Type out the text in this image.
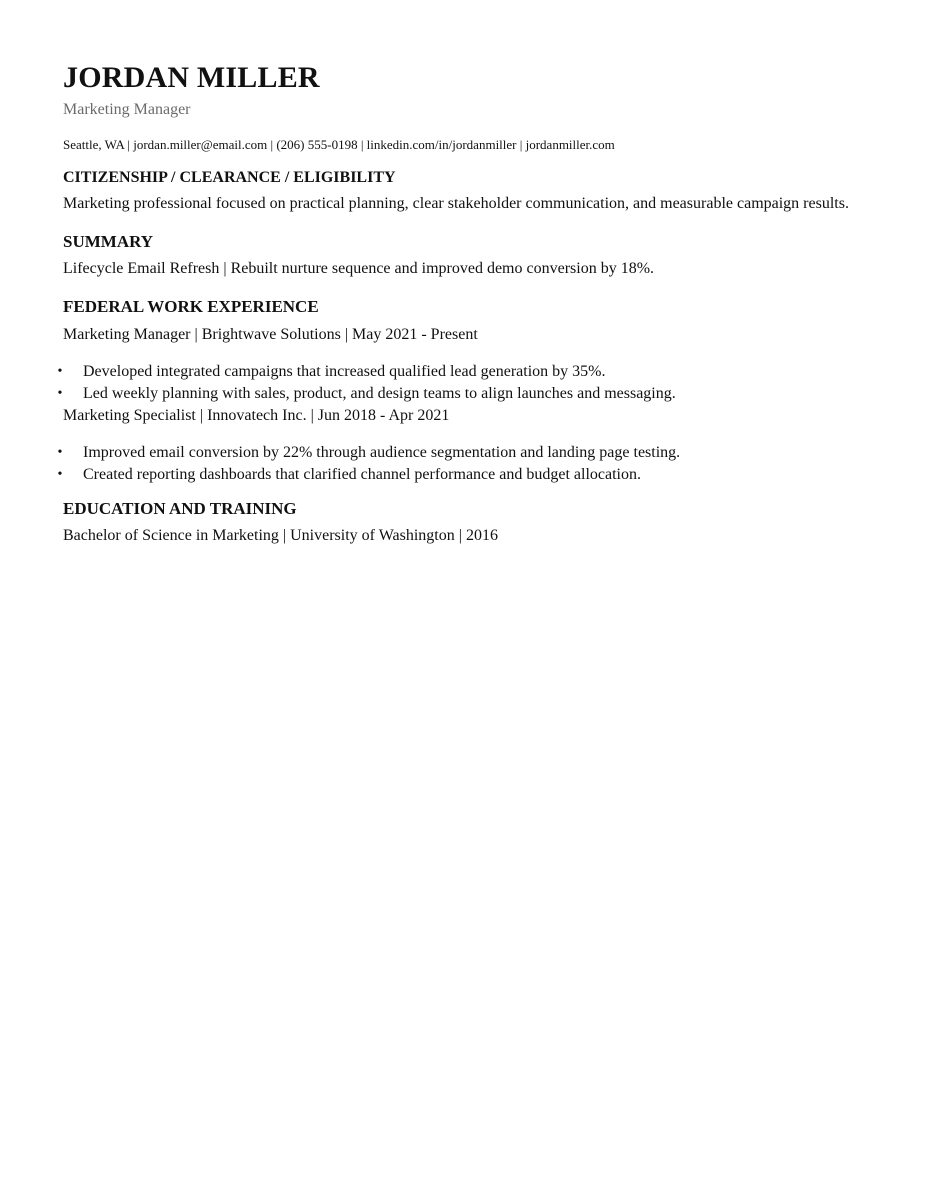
JORDAN MILLER
Marketing Manager
Seattle, WA | jordan.miller@email.com | (206) 555-0198 | linkedin.com/in/jordanmiller | jordanmiller.com
CITIZENSHIP / CLEARANCE / ELIGIBILITY

Marketing professional focused on practical planning, clear stakeholder communication, and measurable campaign results.

SUMMARY

Lifecycle Email Refresh | Rebuilt nurture sequence and improved demo conversion by 18%.

FEDERAL WORK EXPERIENCE

Marketing Manager | Brightwave Solutions | May 2021 - Present

• Developed integrated campaigns that increased qualified lead generation by 35%.
• Led weekly planning with sales, product, and design teams to align launches and messaging.

Marketing Specialist | Innovatech Inc. | Jun 2018 - Apr 2021

• Improved email conversion by 22% through audience segmentation and landing page testing.
• Created reporting dashboards that clarified channel performance and budget allocation.
EDUCATION AND TRAINING

Bachelor of Science in Marketing | University of Washington | 2016
